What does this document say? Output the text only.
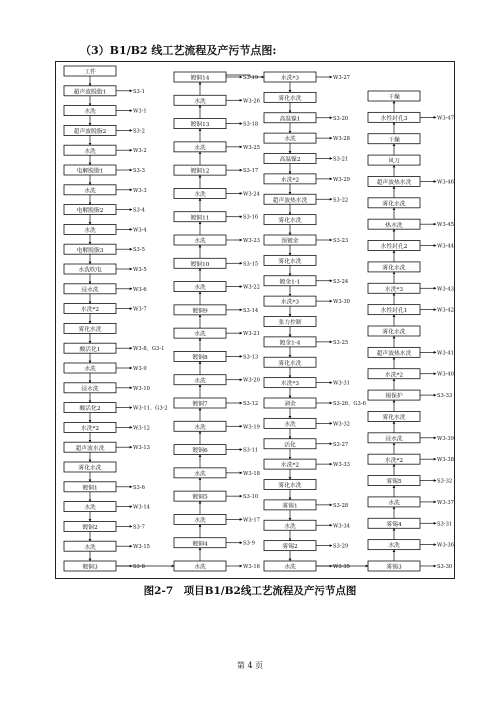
（3）B1/B2 线工艺流程及产污节点图:
工件
超声波脱脂1	S3-1
水洗	W3-1
超声波脱脂2	S3-2
水洗	W3-2
电解脱脂1	S3-3
水洗	W3-3
电解脱脂2	S3-4
水洗	W3-4
电解脱脂3	S3-5
水洗吹电	W3-5
浸水洗	W3-6
水洗*2	W3-7
雾化水洗
酸活化1	W3-8、G3-1
水洗	W3-9
浸水洗	W3-10
酸活化2	W3-11、G3-2
水洗*2	W3-12
超声波水洗	W3-13
雾化水洗
镀铜1	S3-6
水洗	W3-14
镀铜2	S3-7
水洗	W3-15
镀铜3	S3-8
镀铜14	S3-19
水洗	W3-26
镀铜13	S3-18
水洗	W3-25
镀铜12	S3-17
水洗	W3-24
镀铜11	S3-16
水洗	W3-23
镀铜10	S3-15
水洗	W3-22
镀铜9	S3-14
水洗	W3-21
镀铜8	S3-13
水洗	W3-20
镀铜7	S3-12
水洗	W3-19
镀铜6	S3-11
水洗	W3-18
镀铜5	S3-10
水洗	W3-17
镀铜4	S3-9
水洗	W3-16
水洗*3	W3-27
雾化水洗
高温镍1	S3-20
水洗	W3-28
高温镍2	S3-21
水洗*2	W3-29
超声波热水洗	S3-22
雾化水洗
预镀金	S3-23
雾化水洗
镀金1-1	S3-24
水洗*3	W3-30
张力控制
镀金1-4	S3-25
雾化水洗
水洗*3	W3-31
剥金	S3-26、G3-6
水洗	W3-32
活化	S3-27
水洗*2	W3-33
雾化水洗
雾锡1	S3-28
水洗	W3-34
雾锡2	S3-29
水洗	W3-35
干燥
水性封孔3	W3-47
干燥
风刀
超声波热水洗	W3-46
雾化水洗
热水洗	W3-45
水性封孔2	W3-44
雾化水洗
水洗*3	W3-43
水性封孔1	W3-42
雾化水洗
超声波热水洗	W3-41
水洗*2	W3-40
锡保护	S3-33
雾化水洗
浸水洗	W3-39
水洗*2	W3-38
雾锡5	S3-32
水洗	W3-37
雾锡4	S3-31
水洗	W3-36
雾锡3	S3-30
图2-7　项目B1/B2线工艺流程及产污节点图
第 4 页
